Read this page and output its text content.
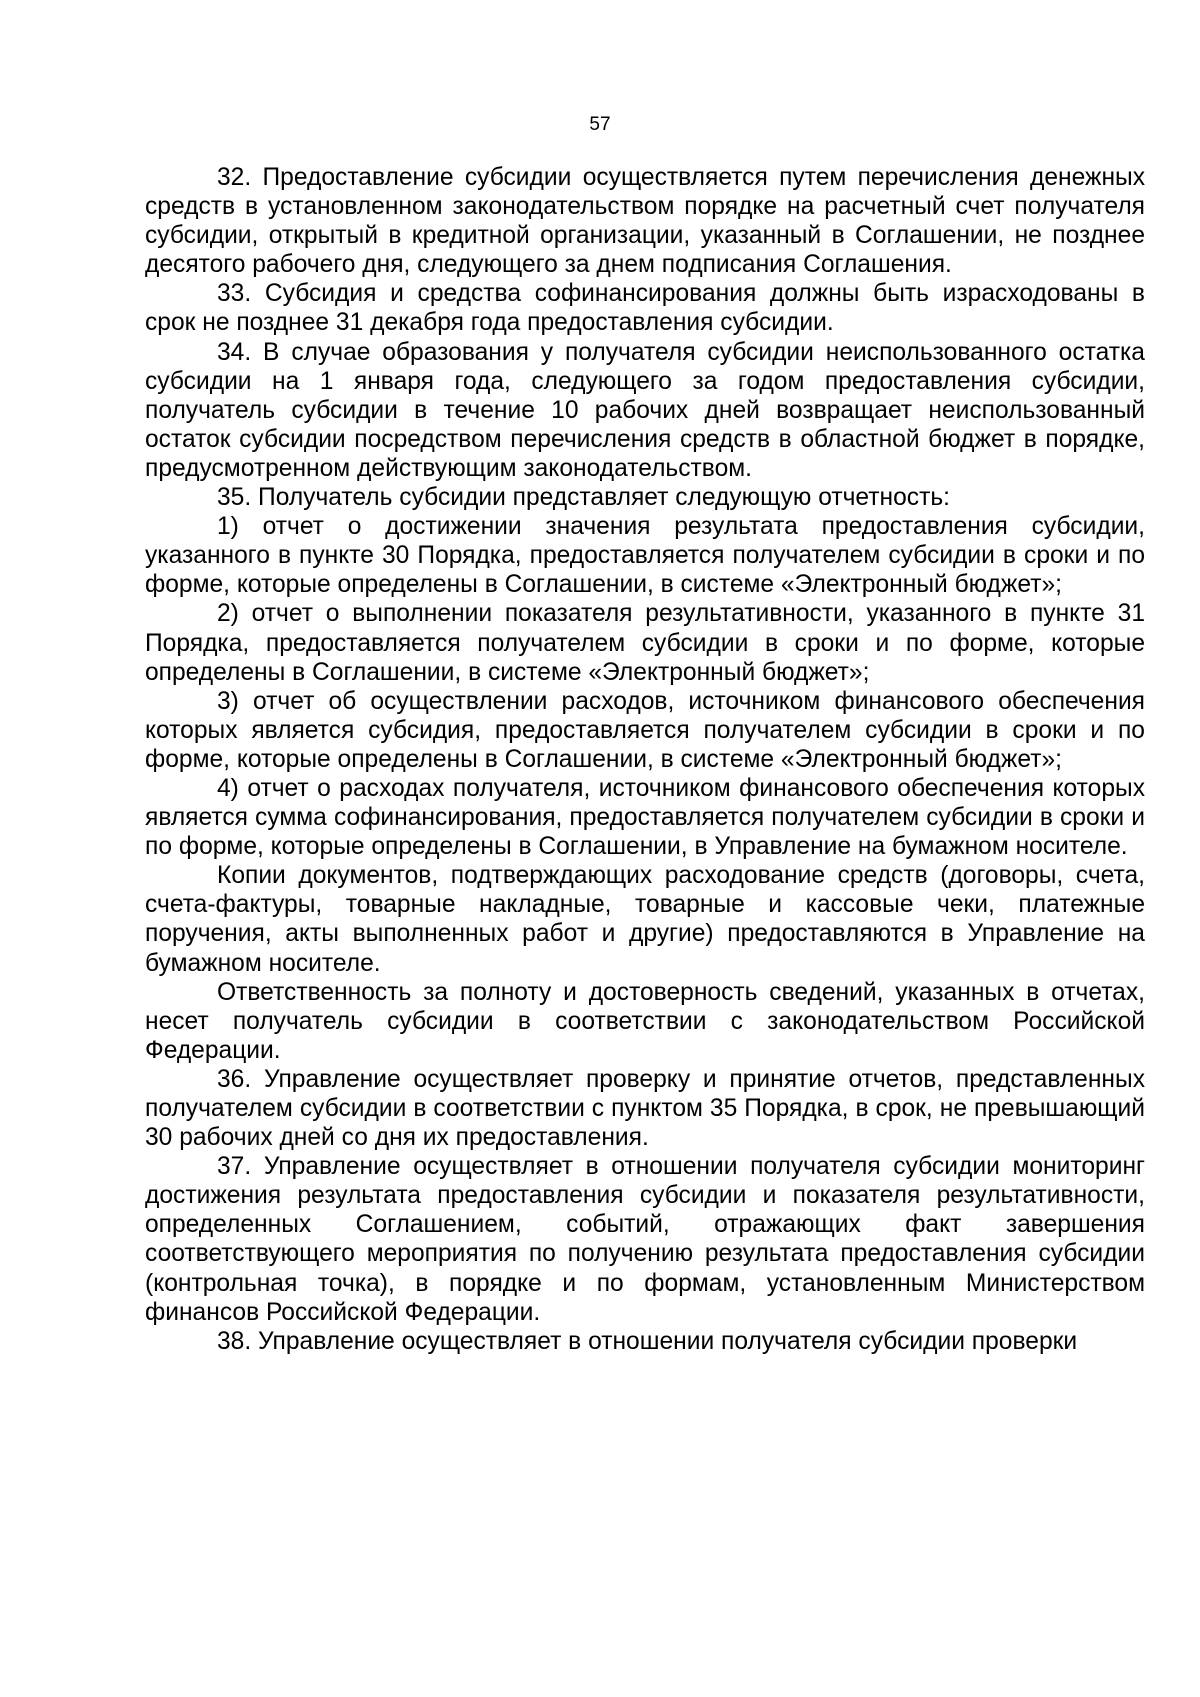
57

32. Предоставление субсидии осуществляется путем перечисления денежных средств в установленном законодательством порядке на расчетный счет получателя субсидии, открытый в кредитной организации, указанный в Соглашении, не позднее десятого рабочего дня, следующего за днем подписания Соглашения.

33. Субсидия и средства софинансирования должны быть израсходованы в срок не позднее 31 декабря года предоставления субсидии.

34. В случае образования у получателя субсидии неиспользованного остатка субсидии на 1 января года, следующего за годом предоставления субсидии, получатель субсидии в течение 10 рабочих дней возвращает неиспользованный остаток субсидии посредством перечисления средств в областной бюджет в порядке, предусмотренном действующим законодательством.

35. Получатель субсидии представляет следующую отчетность:

1) отчет о достижении значения результата предоставления субсидии, указанного в пункте 30 Порядка, предоставляется получателем субсидии в сроки и по форме, которые определены в Соглашении, в системе «Электронный бюджет»;

2) отчет о выполнении показателя результативности, указанного в пункте 31 Порядка, предоставляется получателем субсидии в сроки и по форме, которые определены в Соглашении, в системе «Электронный бюджет»;

3) отчет об осуществлении расходов, источником финансового обеспечения которых является субсидия, предоставляется получателем субсидии в сроки и по форме, которые определены в Соглашении, в системе «Электронный бюджет»;

4) отчет о расходах получателя, источником финансового обеспечения которых является сумма софинансирования, предоставляется получателем субсидии в сроки и по форме, которые определены в Соглашении, в Управление на бумажном носителе.

Копии документов, подтверждающих расходование средств (договоры, счета, счета-фактуры, товарные накладные, товарные и кассовые чеки, платежные поручения, акты выполненных работ и другие) предоставляются в Управление на бумажном носителе.

Ответственность за полноту и достоверность сведений, указанных в отчетах, несет получатель субсидии в соответствии с законодательством Российской Федерации.

36. Управление осуществляет проверку и принятие отчетов, представленных получателем субсидии в соответствии с пунктом 35 Порядка, в срок, не превышающий 30 рабочих дней со дня их предоставления.

37. Управление осуществляет в отношении получателя субсидии мониторинг достижения результата предоставления субсидии и показателя результативности, определенных Соглашением, событий, отражающих факт завершения соответствующего мероприятия по получению результата предоставления субсидии (контрольная точка), в порядке и по формам, установленным Министерством финансов Российской Федерации.

38. Управление осуществляет в отношении получателя субсидии проверки
